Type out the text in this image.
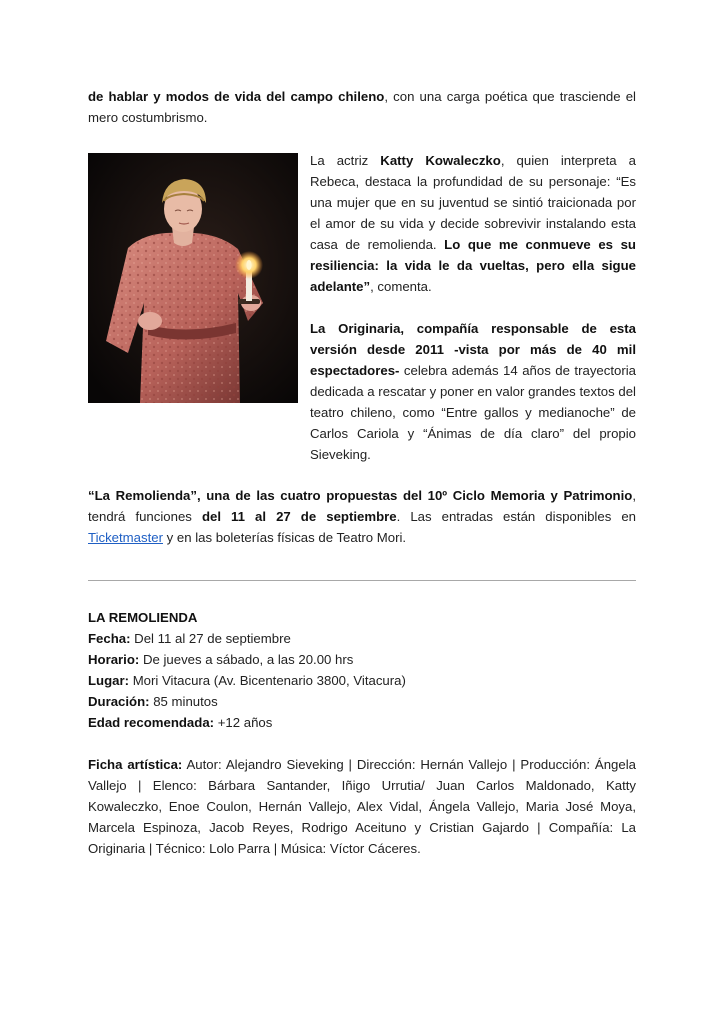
de hablar y modos de vida del campo chileno, con una carga poética que trasciende el mero costumbrismo.

La actriz Katty Kowaleczko, quien interpreta a Rebeca, destaca la profundidad de su personaje: “Es una mujer que en su juventud se sintió traicionada por el amor de su vida y decide sobrevivir instalando esta casa de remolienda. Lo que me conmueve es su resiliencia: la vida le da vueltas, pero ella sigue adelante”, comenta.

La Originaria, compañía responsable de esta versión desde 2011 -vista por más de 40 mil espectadores- celebra además 14 años de trayectoria dedicada a rescatar y poner en valor grandes textos del teatro chileno, como “Entre gallos y medianoche” de Carlos Cariola y “Ánimas de día claro” del propio Sieveking.

“La Remolienda”, una de las cuatro propuestas del 10º Ciclo Memoria y Patrimonio, tendrá funciones del 11 al 27 de septiembre. Las entradas están disponibles en Ticketmaster y en las boleterías físicas de Teatro Mori.

LA REMOLIENDA

Fecha: Del 11 al 27 de septiembre

Horario: De jueves a sábado, a las 20.00 hrs

Lugar: Mori Vitacura (Av. Bicentenario 3800, Vitacura)

Duración: 85 minutos

Edad recomendada: +12 años

Ficha artística: Autor: Alejandro Sieveking | Dirección: Hernán Vallejo | Producción: Ángela Vallejo | Elenco: Bárbara Santander, Iñigo Urrutia/ Juan Carlos Maldonado, Katty Kowaleczko, Enoe Coulon, Hernán Vallejo, Alex Vidal, Ángela Vallejo, Maria José Moya, Marcela Espinoza, Jacob Reyes, Rodrigo Aceituno y Cristian Gajardo | Compañía: La Originaria | Técnico: Lolo Parra | Música: Víctor Cáceres.
